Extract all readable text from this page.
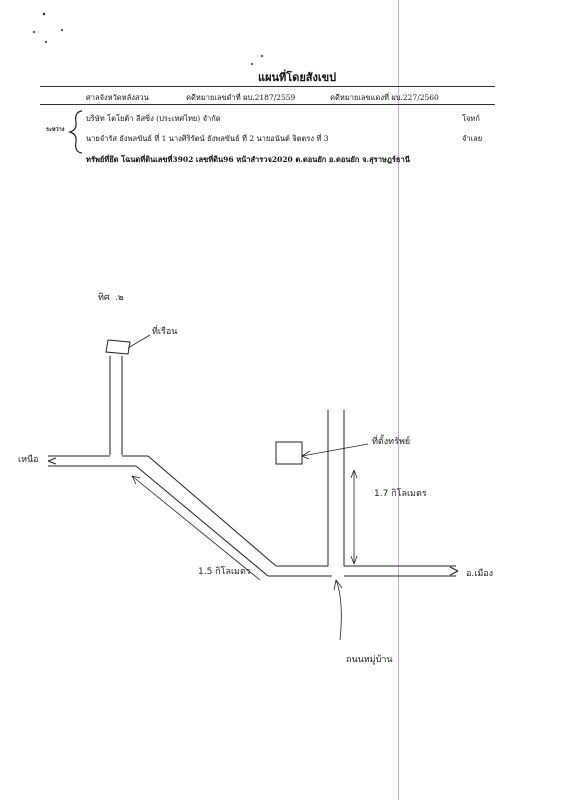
แผนที่โดยสังเขป
ศาลจังหวัดหลังสวน	คดีหมายเลขดำที่ ผบ.2187/2559	คดีหมายเลขแดงที่ ผบ.227/2560
ระหว่าง
บริษัท โตโยต้า ลีสซิ่ง (ประเทศไทย) จำกัด	โจทก์
นายจำรัส ธังพลขันธ์ ที่ 1 นางศิริรัตน์ ธังพลขันธ์ ที่ 2 นายอนันต์ จิตตรง ที่ 3	จำเลย
ทรัพย์ที่ยึด โฉนดที่ดินเลขที่3902 เลขที่ดิน96 หน้าสำรวจ2020 ต.ดอนยัก อ.ดอนยัก จ.สุราษฎร์ธานี
ทิศ .๒
ที่เรือน
เหนือ
อ.เมือง
ที่ตั้งทรัพย์
1.7 กิโลเมตร
1.5 กิโลเมตร
ถนนหมู่บ้าน
